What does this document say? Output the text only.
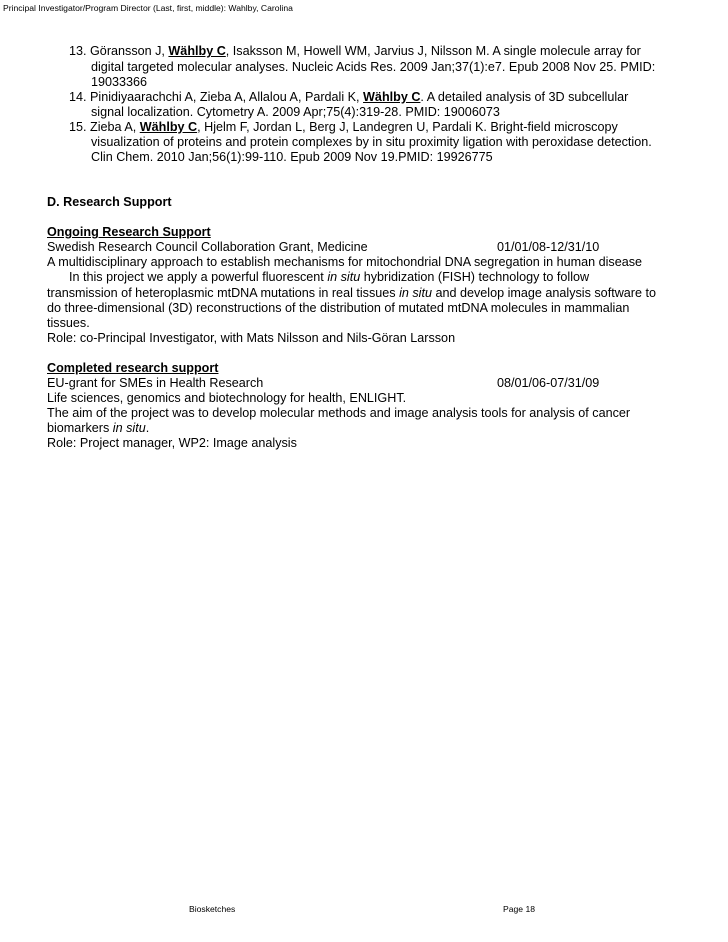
Principal Investigator/Program Director (Last, first, middle): Wahlby, Carolina
13. Göransson J, Wählby C, Isaksson M, Howell WM, Jarvius J, Nilsson M. A single molecule array for
digital targeted molecular analyses. Nucleic Acids Res. 2009 Jan;37(1):e7. Epub 2008 Nov 25. PMID:
19033366
14. Pinidiyaarachchi A, Zieba A, Allalou A, Pardali K, Wählby C. A detailed analysis of 3D subcellular
signal localization. Cytometry A. 2009 Apr;75(4):319-28. PMID: 19006073
15. Zieba A, Wählby C, Hjelm F, Jordan L, Berg J, Landegren U, Pardali K. Bright-field microscopy
visualization of proteins and protein complexes by in situ proximity ligation with peroxidase detection.
Clin Chem. 2010 Jan;56(1):99-110. Epub 2009 Nov 19.PMID: 19926775
D. Research Support
Ongoing Research Support
Swedish Research Council Collaboration Grant, Medicine	01/01/08-12/31/10
A multidisciplinary approach to establish mechanisms for mitochondrial DNA segregation in human disease
In this project we apply a powerful fluorescent in situ hybridization (FISH) technology to follow
transmission of heteroplasmic mtDNA mutations in real tissues in situ and develop image analysis software to
do three-dimensional (3D) reconstructions of the distribution of mutated mtDNA molecules in mammalian
tissues.
Role: co-Principal Investigator, with Mats Nilsson and Nils-Göran Larsson
Completed research support
EU-grant for SMEs in Health Research	08/01/06-07/31/09
Life sciences, genomics and biotechnology for health, ENLIGHT.
The aim of the project was to develop molecular methods and image analysis tools for analysis of cancer
biomarkers in situ.
Role: Project manager, WP2: Image analysis
Biosketches	Page 18
